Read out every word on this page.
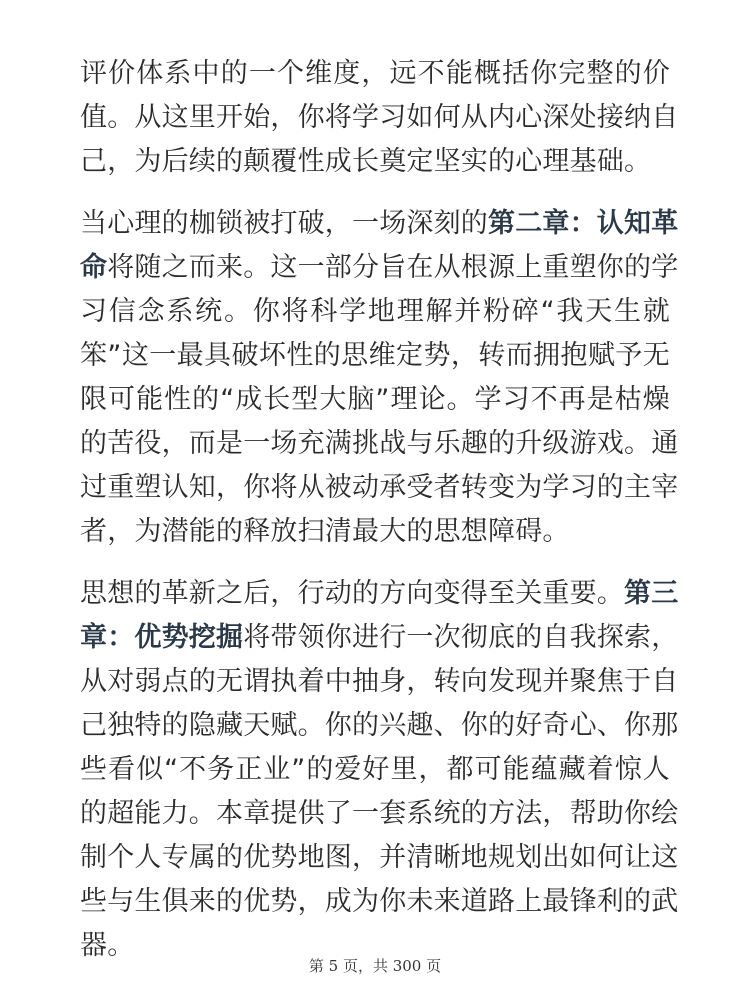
评价体系中的一个维度，远不能概括你完整的价
值。从这里开始，你将学习如何从内心深处接纳自
己，为后续的颠覆性成长奠定坚实的心理基础。
当心理的枷锁被打破，一场深刻的第二章：认知革
命将随之而来。这一部分旨在从根源上重塑你的学
习信念系统。你将科学地理解并粉碎“我天生就
笨”这一最具破坏性的思维定势，转而拥抱赋予无
限可能性的“成长型大脑”理论。学习不再是枯燥
的苦役，而是一场充满挑战与乐趣的升级游戏。通
过重塑认知，你将从被动承受者转变为学习的主宰
者，为潜能的释放扫清最大的思想障碍。
思想的革新之后，行动的方向变得至关重要。第三
章：优势挖掘将带领你进行一次彻底的自我探索，
从对弱点的无谓执着中抽身，转向发现并聚焦于自
己独特的隐藏天赋。你的兴趣、你的好奇心、你那
些看似“不务正业”的爱好里，都可能蕴藏着惊人
的超能力。本章提供了一套系统的方法，帮助你绘
制个人专属的优势地图，并清晰地规划出如何让这
些与生俱来的优势，成为你未来道路上最锋利的武
器。
第 5 页，共 300 页
